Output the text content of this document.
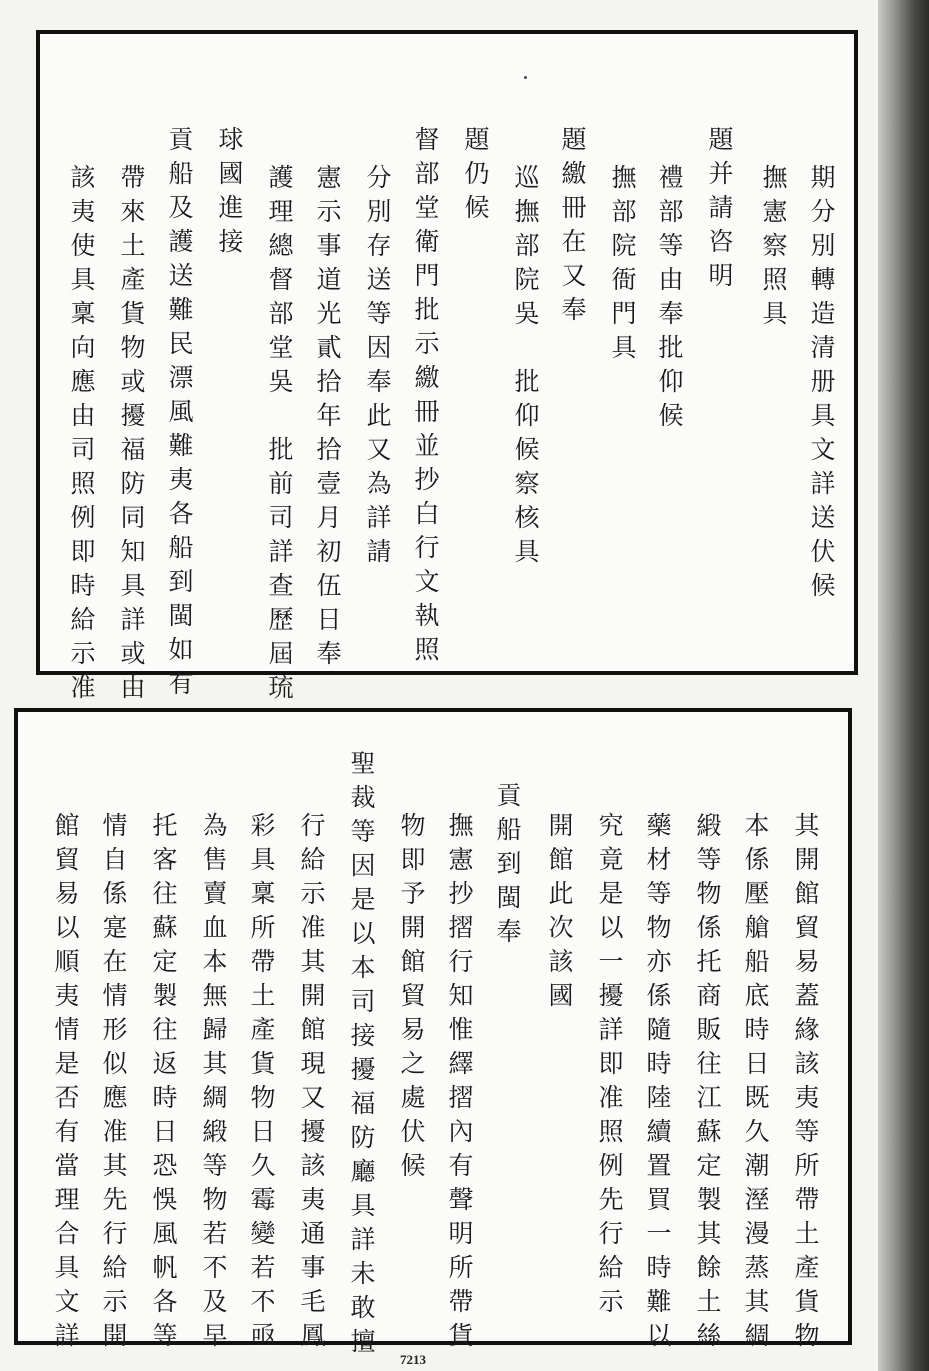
期分別轉造清册具文詳送伏候
撫憲察照具
題并請咨明
禮部等由奉批仰候
撫部院衙門具
題繳冊在又奉
巡撫部院吳　批仰候察核具
題仍候
督部堂衛門批示繳冊並抄白行文執照
分別存送等因奉此又為詳請
憲示事道光貳拾年拾壹月初伍日奉
護理總督部堂吳　批前司詳查歷屆琉
球國進接
貢船及護送難民漂風難夷各船到閩如有
帶來土產貨物或擾福防同知具詳或由
該夷使具稟向應由司照例即時給示准
其開館貿易蓋緣該夷等所帶土產貨物
本係壓艙船底時日既久潮溼漫蒸其綢
緞等物係托商販往江蘇定製其餘土絲
藥材等物亦係隨時陸續置買一時難以
究竟是以一擾詳即准照例先行給示
開館此次該國
貢船到閩奉
撫憲抄摺行知惟繹摺內有聲明所帶貨
物即予開館貿易之處伏候
聖裁等因是以本司接擾福防廳具詳未敢擅
行給示准其開館現又擾該夷通事毛鳳
彩具稟所帶土產貨物日久霉變若不亟
為售賣血本無歸其綢緞等物若不及早
托客往蘇定製往返時日恐悞風帆各等
情自係寔在情形似應准其先行給示開
館貿易以順夷情是否有當理合具文詳
7213
